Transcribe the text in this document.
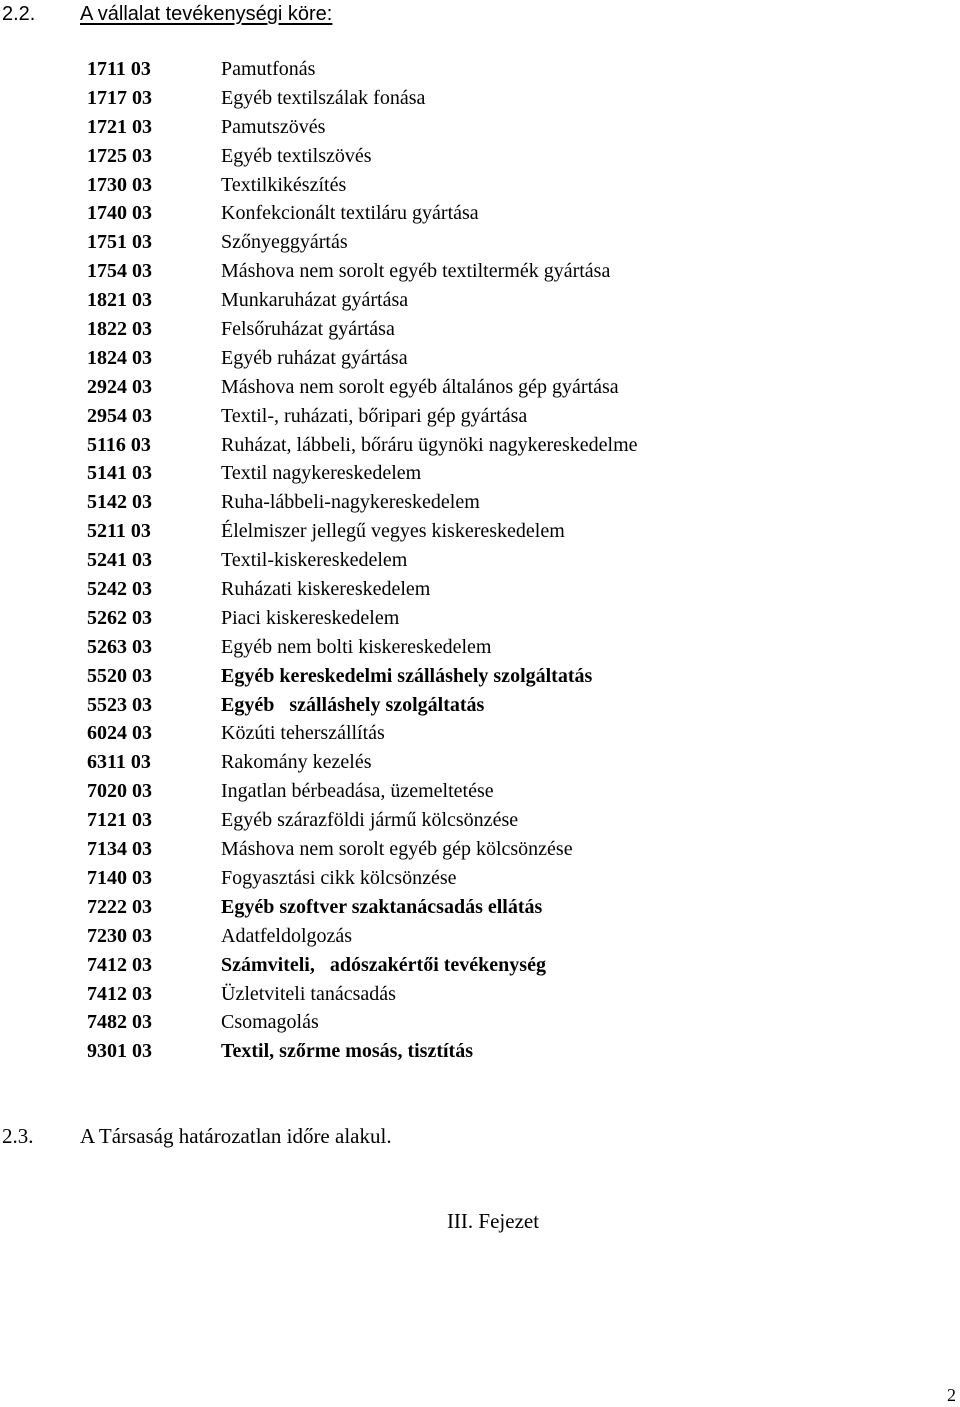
2.2. A vállalat tevékenységi köre:
1711 03	Pamutfonás
1717 03	Egyéb textilszálak fonása
1721 03	Pamutszövés
1725 03	Egyéb textilszövés
1730 03	Textilkikészítés
1740 03	Konfekcionált textiláru gyártása
1751 03	Szőnyeggyártás
1754 03	Máshova nem sorolt egyéb textiltermék gyártása
1821 03	Munkaruházat gyártása
1822 03	Felsőruházat gyártása
1824 03	Egyéb ruházat gyártása
2924 03	Máshova nem sorolt egyéb általános gép gyártása
2954 03	Textil-, ruházati, bőripari gép gyártása
5116 03	Ruházat, lábbeli, bőráru ügynöki nagykereskedelme
5141 03	Textil nagykereskedelem
5142 03	Ruha-lábbeli-nagykereskedelem
5211 03	Élelmiszer jellegű vegyes kiskereskedelem
5241 03	Textil-kiskereskedelem
5242 03	Ruházati kiskereskedelem
5262 03	Piaci kiskereskedelem
5263 03	Egyéb nem bolti kiskereskedelem
5520 03	Egyéb kereskedelmi szálláshely szolgáltatás
5523 03	Egyéb   szálláshely szolgáltatás
6024 03	Közúti teherszállítás
6311 03	Rakomány kezelés
7020 03	Ingatlan bérbeadása, üzemeltetése
7121 03	Egyéb szárazföldi jármű kölcsönzése
7134 03	Máshova nem sorolt egyéb gép kölcsönzése
7140 03	Fogyasztási cikk kölcsönzése
7222 03	Egyéb szoftver szaktanácsadás ellátás
7230 03	Adatfeldolgozás
7412 03	Számviteli,   adószakértői tevékenység
7412 03	Üzletviteli tanácsadás
7482 03	Csomagolás
9301 03	Textil, szőrme mosás, tisztítás
2.3. A Társaság határozatlan időre alakul.
III. Fejezet
2
